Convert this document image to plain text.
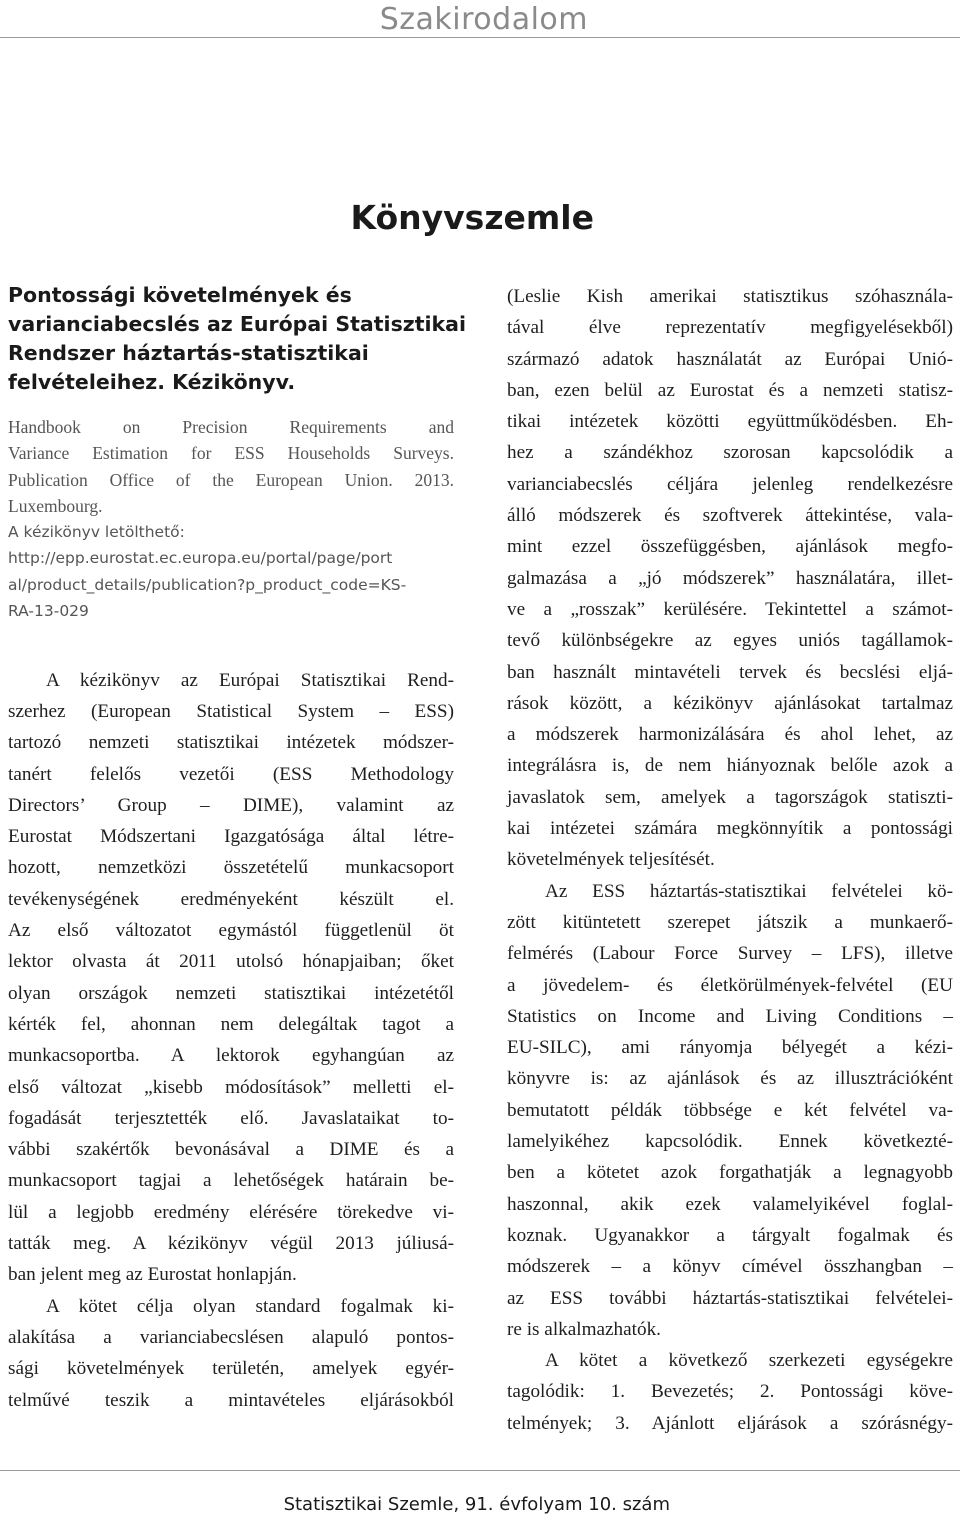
Szakirodalom
Könyvszemle
Pontossági követelmények és
varianciabecslés az Európai Statisztikai
Rendszer háztartás-statisztikai
felvételeihez. Kézikönyv.
Handbook on Precision Requirements and
Variance Estimation for ESS Households Surveys.
Publication Office of the European Union. 2013.
Luxembourg.
A kézikönyv letölthető:
http://epp.eurostat.ec.europa.eu/portal/page/port
al/product_details/publication?p_product_code=KS-
RA-13-029
A kézikönyv az Európai Statisztikai Rend-
szerhez (European Statistical System – ESS)
tartozó nemzeti statisztikai intézetek módszer-
tanért felelős vezetői (ESS Methodology
Directors’ Group – DIME), valamint az
Eurostat Módszertani Igazgatósága által létre-
hozott, nemzetközi összetételű munkacsoport
tevékenységének eredményeként készült el.
Az első változatot egymástól függetlenül öt
lektor olvasta át 2011 utolsó hónapjaiban; őket
olyan országok nemzeti statisztikai intézetétől
kérték fel, ahonnan nem delegáltak tagot a
munkacsoportba. A lektorok egyhangúan az
első változat „kisebb módosítások” melletti el-
fogadását terjesztették elő. Javaslataikat to-
vábbi szakértők bevonásával a DIME és a
munkacsoport tagjai a lehetőségek határain be-
lül a legjobb eredmény elérésére törekedve vi-
tatták meg. A kézikönyv végül 2013 júliusá-
ban jelent meg az Eurostat honlapján.
A kötet célja olyan standard fogalmak ki-
alakítása a varianciabecslésen alapuló pontos-
sági követelmények területén, amelyek egyér-
telművé teszik a mintavételes eljárásokból
(Leslie Kish amerikai statisztikus szóhasznála-
tával élve reprezentatív megfigyelésekből)
származó adatok használatát az Európai Unió-
ban, ezen belül az Eurostat és a nemzeti statisz-
tikai intézetek közötti együttműködésben. Eh-
hez a szándékhoz szorosan kapcsolódik a
varianciabecslés céljára jelenleg rendelkezésre
álló módszerek és szoftverek áttekintése, vala-
mint ezzel összefüggésben, ajánlások megfo-
galmazása a „jó módszerek” használatára, illet-
ve a „rosszak” kerülésére. Tekintettel a számot-
tevő különbségekre az egyes uniós tagállamok-
ban használt mintavételi tervek és becslési eljá-
rások között, a kézikönyv ajánlásokat tartalmaz
a módszerek harmonizálására és ahol lehet, az
integrálásra is, de nem hiányoznak belőle azok a
javaslatok sem, amelyek a tagországok statiszti-
kai intézetei számára megkönnyítik a pontossági
követelmények teljesítését.
Az ESS háztartás-statisztikai felvételei kö-
zött kitüntetett szerepet játszik a munkaerő-
felmérés (Labour Force Survey – LFS), illetve
a jövedelem- és életkörülmények-felvétel (EU
Statistics on Income and Living Conditions –
EU-SILC), ami rányomja bélyegét a kézi-
könyvre is: az ajánlások és az illusztrációként
bemutatott példák többsége e két felvétel va-
lamelyikéhez kapcsolódik. Ennek következté-
ben a kötetet azok forgathatják a legnagyobb
haszonnal, akik ezek valamelyikével foglal-
koznak. Ugyanakkor a tárgyalt fogalmak és
módszerek – a könyv címével összhangban –
az ESS további háztartás-statisztikai felvételei-
re is alkalmazhatók.
A kötet a következő szerkezeti egységekre
tagolódik: 1. Bevezetés; 2. Pontossági köve-
telmények; 3. Ajánlott eljárások a szórásnégy-
Statisztikai Szemle, 91. évfolyam 10. szám
